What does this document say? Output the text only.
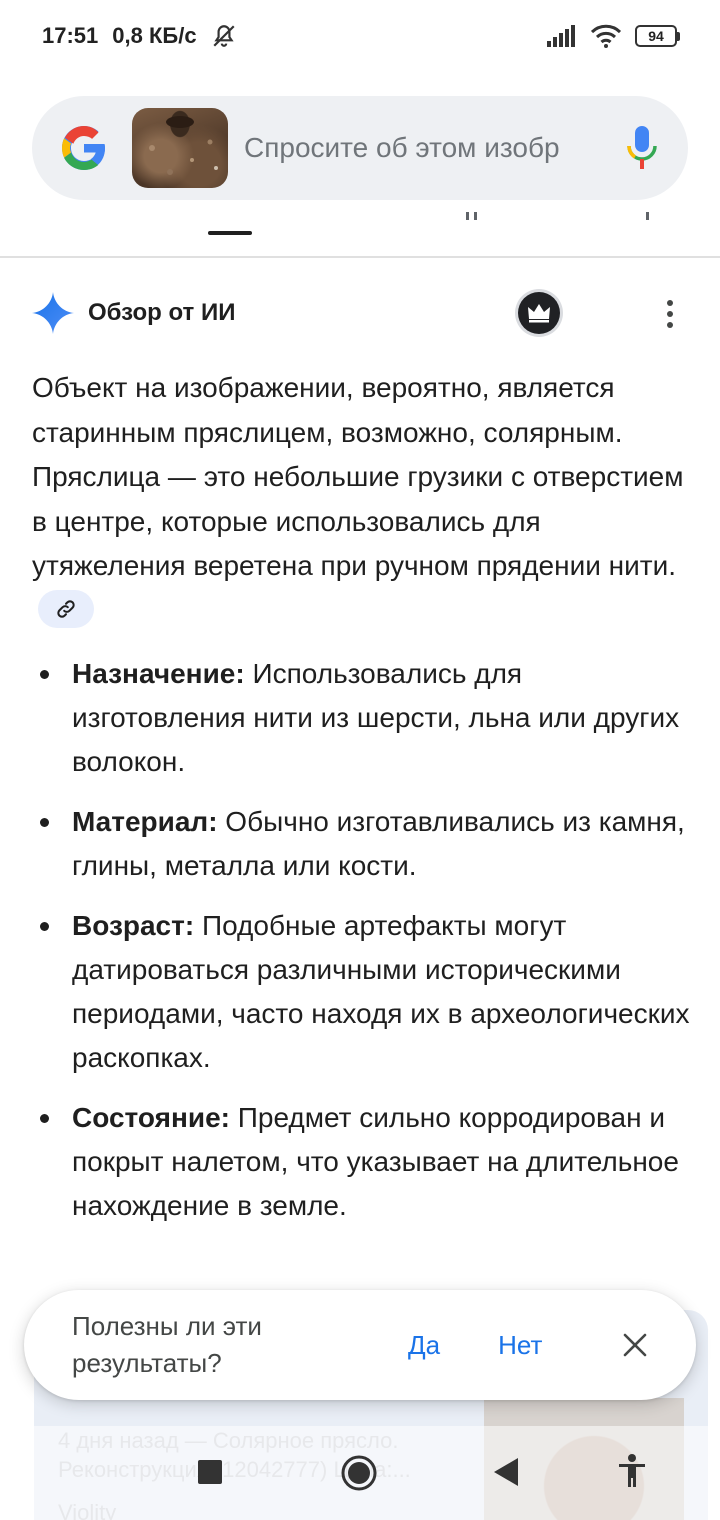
17:51 0,8 КБ/с	94
Спросите об этом изобр
Обзор от ИИ
Объект на изображении, вероятно, является старинным пряслицем, возможно, солярным. Пряслица — это небольшие грузики с отверстием в центре, которые использовались для утяжеления веретена при ручном прядении нити.
Назначение: Использовались для изготовления нити из шерсти, льна или других волокон.
Материал: Обычно изготавливались из камня, глины, металла или кости.
Возраст: Подобные артефакты могут датироваться различными историческими периодами, часто находя их в археологических раскопках.
Состояние: Предмет сильно корродирован и покрыт налетом, что указывает на длительное нахождение в земле.
Полезны ли эти результаты?
Да Нет
